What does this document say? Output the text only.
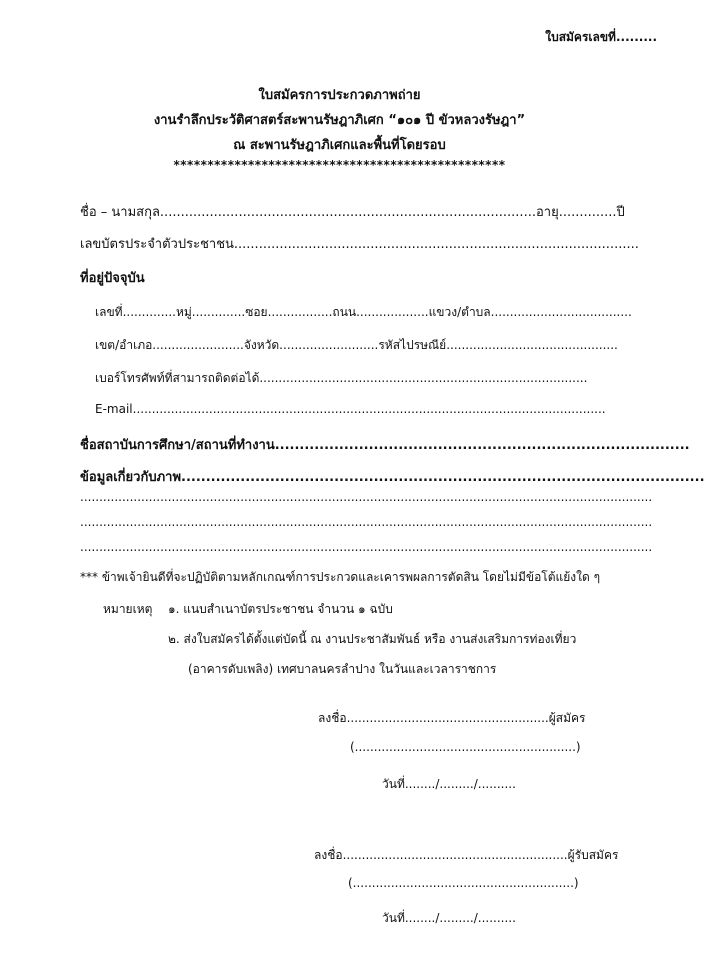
ใบสมัครเลขที่.........
ใบสมัครการประกวดภาพถ่าย
งานรำลึกประวัติศาสตร์สะพานรัษฎาภิเศก “๑๐๑ ปี ขัวหลวงรัษฎา”
ณ สะพานรัษฎาภิเศกและพื้นที่โดยรอบ
*************************************************
ชื่อ – นามสกุล...........................................................................................อายุ..............ปี
เลขบัตรประจำตัวประชาชน..................................................................................................
ที่อยู่ปัจจุบัน
เลขที่..............หมู่..............ซอย.................ถนน...................แขวง/ตำบล.....................................
เขต/อำเภอ........................จังหวัด..........................รหัสไปรษณีย์.............................................
เบอร์โทรศัพท์ที่สามารถติดต่อได้......................................................................................
E-mail............................................................................................................................
ชื่อสถาบันการศึกษา/สถานที่ทำงาน....................................................................................
ข้อมูลเกี่ยวกับภาพ..........................................................................................................
......................................................................................................................................................
......................................................................................................................................................
......................................................................................................................................................
*** ข้าพเจ้ายินดีที่จะปฏิบัติตามหลักเกณฑ์การประกวดและเคารพผลการตัดสิน โดยไม่มีข้อโต้แย้งใด ๆ
หมายเหตุ ๑. แนบสำเนาบัตรประชาชน จำนวน ๑ ฉบับ
๒. ส่งใบสมัครได้ตั้งแต่บัดนี้ ณ งานประชาสัมพันธ์ หรือ งานส่งเสริมการท่องเที่ยว
(อาคารดับเพลิง) เทศบาลนครลำปาง ในวันและเวลาราชการ
ลงชื่อ.....................................................ผู้สมัคร
(..........................................................)
วันที่......../........./..........
ลงชื่อ...........................................................ผู้รับสมัคร
(..........................................................)
วันที่......../........./..........
